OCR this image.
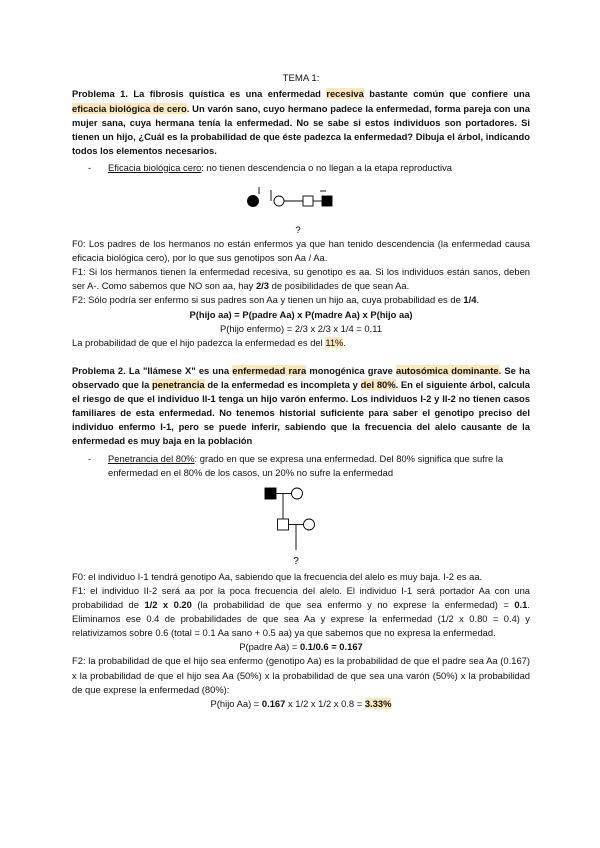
TEMA 1:

Problema 1. La fibrosis quística es una enfermedad recesiva bastante común que confiere una eficacia biológica de cero. Un varón sano, cuyo hermano padece la enfermedad, forma pareja con una mujer sana, cuya hermana tenía la enfermedad. No se sabe si estos individuos son portadores. Si tienen un hijo, ¿Cuál es la probabilidad de que éste padezca la enfermedad? Dibuja el árbol, indicando todos los elementos necesarios.

-	Eficacia biológica cero: no tienen descendencia o no llegan a la etapa reproductiva
?

F0: Los padres de los hermanos no están enfermos ya que han tenido descendencia (la enfermedad causa eficacia biológica cero), por lo que sus genotipos son Aa / Aa.

F1: Si los hermanos tienen la enfermedad recesiva, su genotipo es aa. Si los individuos están sanos, deben ser A-. Como sabemos que NO son aa, hay 2/3 de posibilidades de que sean Aa.

F2: Sólo podría ser enfermo si sus padres son Aa y tienen un hijo aa, cuya probabilidad es de 1/4.

P(hijo aa) = P(padre Aa) x P(madre Aa) x P(hijo aa)

P(hijo enfermo) = 2/3 x 2/3 x 1/4 = 0.11

La probabilidad de que el hijo padezca la enfermedad es del 11%.

Problema 2. La "llámese X" es una enfermedad rara monogénica grave autosómica dominante. Se ha observado que la penetrancia de la enfermedad es incompleta y del 80%. En el siguiente árbol, calcula el riesgo de que el individuo II-1 tenga un hijo varón enfermo. Los individuos I-2 y II-2 no tienen casos familiares de esta enfermedad. No tenemos historial suficiente para saber el genotipo preciso del individuo enfermo I-1, pero se puede inferir, sabiendo que la frecuencia del alelo causante de la enfermedad es muy baja en la población

-	Penetrancia del 80%: grado en que se expresa una enfermedad. Del 80% significa que sufre la enfermedad en el 80% de los casos, un 20% no sufre la enfermedad
?

F0: el individuo I-1 tendrá genotipo Aa, sabiendo que la frecuencia del alelo es muy baja. I-2 es aa.

F1: el individuo II-2 será aa por la poca frecuencia del alelo. El individuo I-1 será portador Aa con una probabilidad de 1/2 x 0.20 (la probabilidad de que sea enfermo y no exprese la enfermedad) = 0.1. Eliminamos ese 0.4 de probabilidades de que sea Aa y exprese la enfermedad (1/2 x 0.80 = 0.4) y relativizamos sobre 0.6 (total = 0.1 Aa sano + 0.5 aa) ya que sabemos que no expresa la enfermedad.

P(padre Aa) = 0.1/0.6 = 0.167

F2: la probabilidad de que el hijo sea enfermo (genotipo Aa) es la probabilidad de que el padre sea Aa (0.167) x la probabilidad de que el hijo sea Aa (50%) x la probabilidad de que sea una varón (50%) x la probabilidad de que exprese la enfermedad (80%):

P(hijo Aa) = 0.167 x 1/2 x 1/2 x 0.8 = 3.33%
